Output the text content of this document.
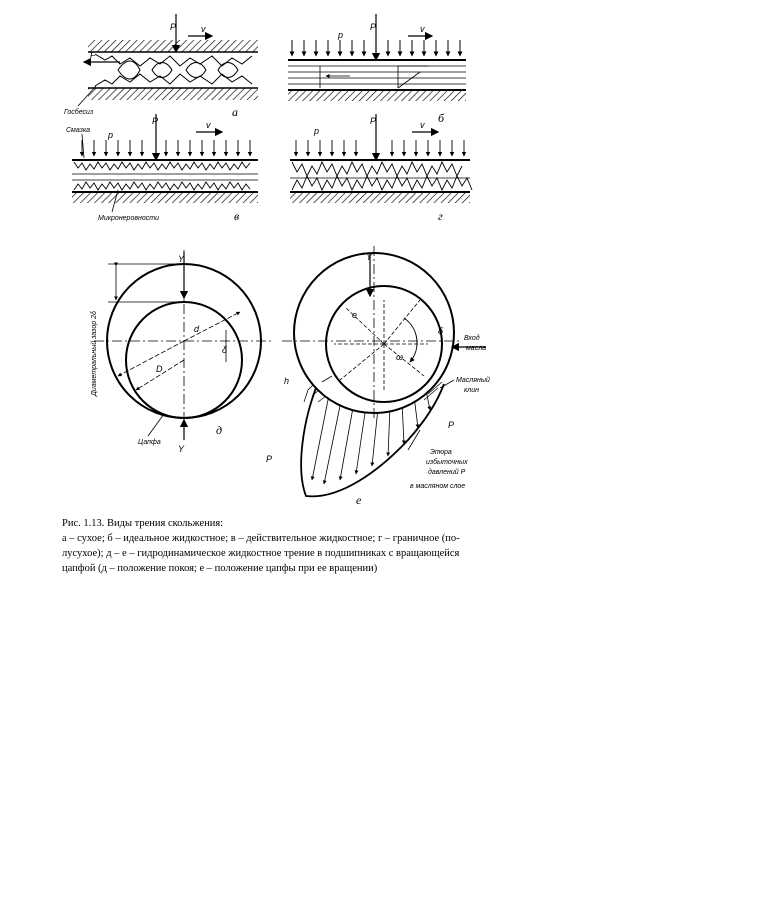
P	v
F
Госбесиз	а
P
p
v
б
Смазка p
P	v
Микронеровности	в
p
P	v
г
Y
Y
Диаметральный зазор 2δ	d
D
δ
Цапфа
д
Y
е
ω
δ
Вход
масла
Масляный
клин
h
P
P
Эпюра
избыточных
давлений P
в масляном слое
е
Рис. 1.13. Виды трения скольжения:
а – сухое; б – идеальное жидкостное; в – действительное жидкостное; г – граничное (по-
лусухое); д – е – гидродинамическое жидкостное трение в подшипниках с вращающейся
цапфой (д – положение покоя; е – положение цапфы при ее вращении)
